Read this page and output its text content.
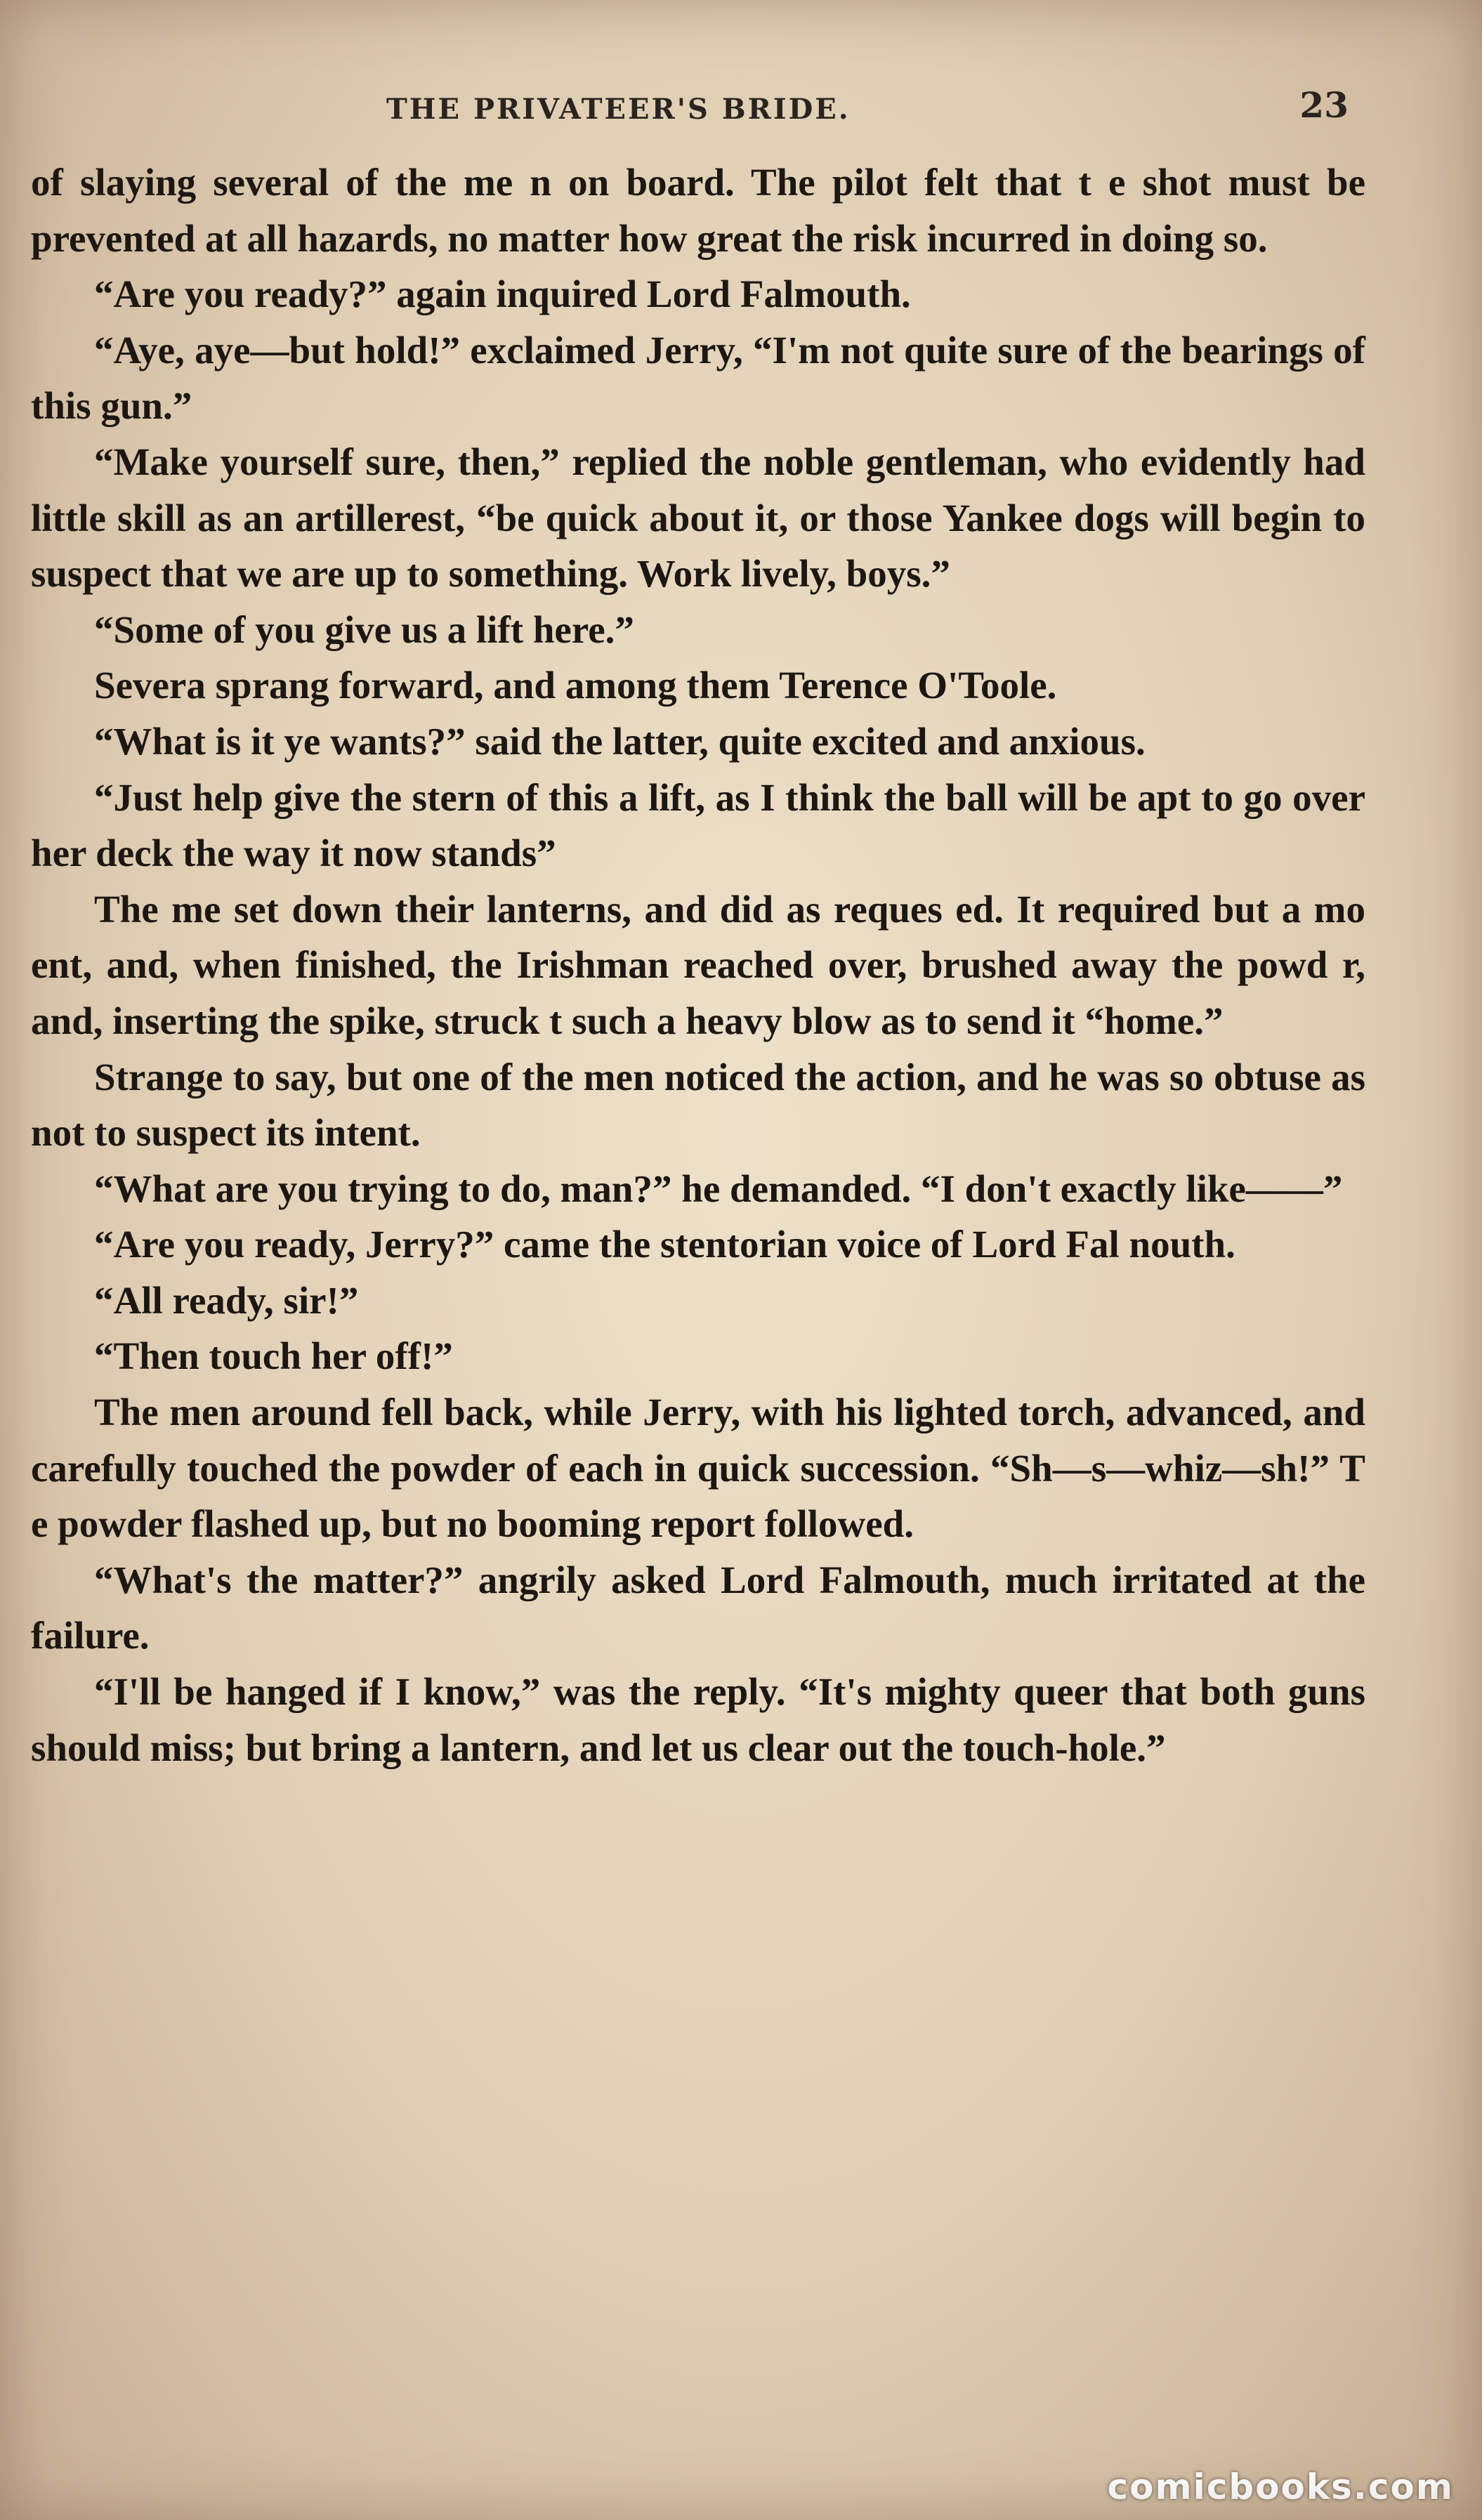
THE PRIVATEER'S BRIDE.	23

of slaying several of the me n on board. The pilot felt that t e shot must be prevented at all hazards, no matter how great the risk incurred in doing so.

“Are you ready?” again inquired Lord Falmouth.

“Aye, aye—but hold!” exclaimed Jerry, “I'm not quite sure of the bearings of this gun.”

“Make yourself sure, then,” replied the noble gentleman, who evidently had little skill as an artillerest, “be quick about it, or those Yankee dogs will begin to suspect that we are up to something. Work lively, boys.”

“Some of you give us a lift here.”

Severa sprang forward, and among them Terence O'Toole.

“What is it ye wants?” said the latter, quite excited and anxious.

“Just help give the stern of this a lift, as I think the ball will be apt to go over her deck the way it now stands”

The me set down their lanterns, and did as reques ed. It required but a mo ent, and, when finished, the Irishman reached over, brushed away the powd r, and, inserting the spike, struck t such a heavy blow as to send it “home.”

Strange to say, but one of the men noticed the action, and he was so obtuse as not to suspect its intent.

“What are you trying to do, man?” he demanded. “I don't exactly like——”

“Are you ready, Jerry?” came the stentorian voice of Lord Fal nouth.

“All ready, sir!”

“Then touch her off!”

The men around fell back, while Jerry, with his lighted torch, advanced, and carefully touched the powder of each in quick succession. “Sh—s—whiz—sh!” T e powder flashed up, but no booming report followed.

“What's the matter?” angrily asked Lord Falmouth, much irritated at the failure.

“I'll be hanged if I know,” was the reply. “It's mighty queer that both guns should miss; but bring a lantern, and let us clear out the touch-hole.”

comicbooks.com
